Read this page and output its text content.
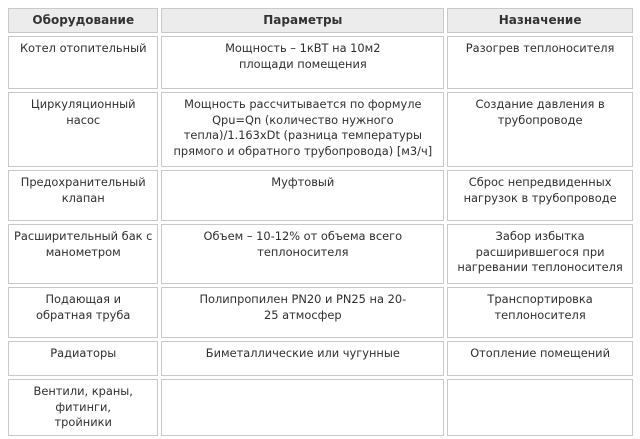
Оборудование	Параметры	Назначение
Котел отопительный	Мощность – 1кВТ на 10м2 площади помещения	Разогрев теплоносителя
Циркуляционный насос	Мощность рассчитывается по формуле Qpu=Qn (количество нужного тепла)/1.163xDt (разница температуры прямого и обратного трубопровода) [м3/ч]	Создание давления в трубопроводе

Предохранительный клапан	Муфтовый	Сброс непредвиденных нагрузок в трубопроводе

Расширительный бак с манометром	Объем – 10-12% от объема всего теплоносителя	Забор избытка расширившегося при нагревании теплоносителя

Подающая и обратная труба	Полипропилен PN20 и PN25 на 20-25 атмосфер	Транспортировка теплоносителя

Радиаторы	Биметаллические или чугунные	Отопление помещений

Вентили, краны, фитинги, тройники		
